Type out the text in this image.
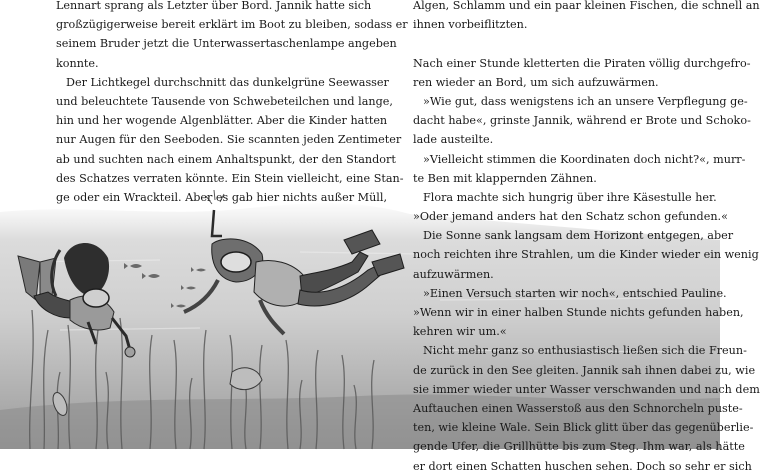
Lennart sprang als Letzter über Bord. Jannik hatte sich
großzügigerweise bereit erklärt im Boot zu bleiben, sodass er
seinem Bruder jetzt die Unterwassertaschenlampe angeben
konnte.
Der Lichtkegel durchschnitt das dunkelgrüne Seewasser
und beleuchtete Tausende von Schwebeteilchen und lange,
hin und her wogende Algenblätter. Aber die Kinder hatten
nur Augen für den Seeboden. Sie scannten jeden Zentimeter
ab und suchten nach einem Anhaltspunkt, der den Standort
des Schatzes verraten könnte. Ein Stein vielleicht, eine Stan-
ge oder ein Wrackteil. Aber es gab hier nichts außer Müll,
Algen, Schlamm und ein paar kleinen Fischen, die schnell an
ihnen vorbeiflitzten.
Nach einer Stunde kletterten die Piraten völlig durchgefro-
ren wieder an Bord, um sich aufzuwärmen.
»Wie gut, dass wenigstens ich an unsere Verpflegung ge-
dacht habe«, grinste Jannik, während er Brote und Schoko-
lade austeilte.
»Vielleicht stimmen die Koordinaten doch nicht?«, murr-
te Ben mit klappernden Zähnen.
Flora machte sich hungrig über ihre Käsestulle her.
»Oder jemand anders hat den Schatz schon gefunden.«
Die Sonne sank langsam dem Horizont entgegen, aber
noch reichten ihre Strahlen, um die Kinder wieder ein wenig
aufzuwärmen.
»Einen Versuch starten wir noch«, entschied Pauline.
»Wenn wir in einer halben Stunde nichts gefunden haben,
kehren wir um.«
Nicht mehr ganz so enthusiastisch ließen sich die Freun-
de zurück in den See gleiten. Jannik sah ihnen dabei zu, wie
sie immer wieder unter Wasser verschwanden und nach dem
Auftauchen einen Wasserstoß aus den Schnorcheln puste-
ten, wie kleine Wale. Sein Blick glitt über das gegenüberlie-
gende Ufer, die Grillhütte bis zum Steg. Ihm war, als hätte
er dort einen Schatten huschen sehen. Doch so sehr er sich
